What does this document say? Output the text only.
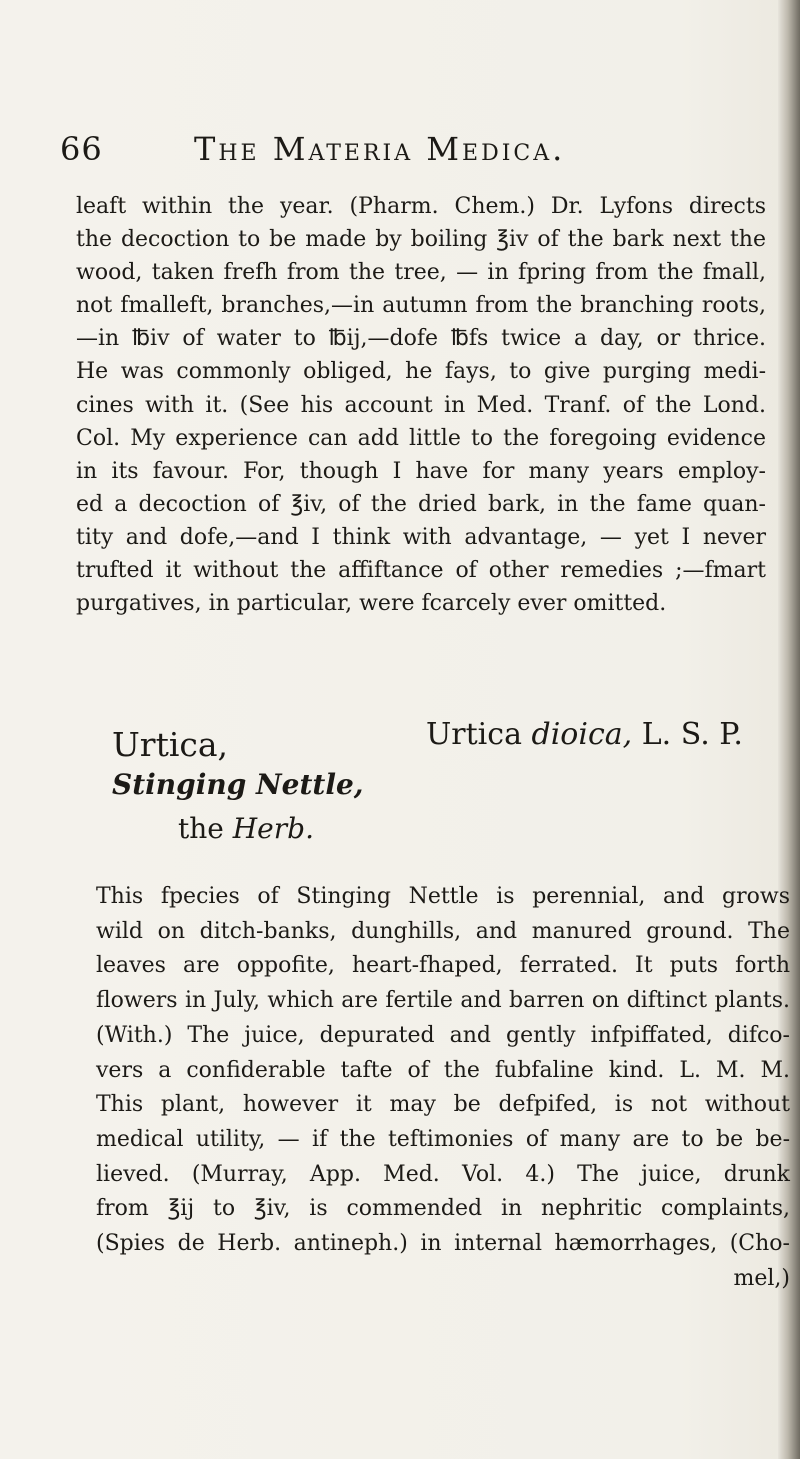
66	The Materia Medica.
leaft within the year. (Pharm. Chem.) Dr. Lyfons directs
the decoction to be made by boiling ℥iv of the bark next the
wood, taken frefh from the tree, — in fpring from the fmall,
not fmalleft, branches,—in autumn from the branching roots,
—in ℔iv of water to ℔ij,—dofe ℔fs twice a day, or thrice.
He was commonly obliged, he fays, to give purging medi-
cines with it. (See his account in Med. Tranf. of the Lond.
Col. My experience can add little to the foregoing evidence
in its favour. For, though I have for many years employ-
ed a decoction of ℥iv, of the dried bark, in the fame quan-
tity and dofe,—and I think with advantage, — yet I never
trufted it without the affiftance of other remedies ;—fmart
purgatives, in particular, were fcarcely ever omitted.
Urtica,	Urtica dioica, L. S. P.
Stinging Nettle,
the Herb.
This fpecies of Stinging Nettle is perennial, and grows
wild on ditch-banks, dunghills, and manured ground. The
leaves are oppofite, heart-fhaped, ferrated. It puts forth
flowers in July, which are fertile and barren on diftinct plants.
(With.) The juice, depurated and gently infpiffated, difco-
vers a confiderable tafte of the fubfaline kind. L. M. M.
This plant, however it may be defpifed, is not without
medical utility, — if the teftimonies of many are to be be-
lieved. (Murray, App. Med. Vol. 4.) The juice, drunk
from ℥ij to ℥iv, is commended in nephritic complaints,
(Spies de Herb. antineph.) in internal hæmorrhages, (Cho-
mel,)
